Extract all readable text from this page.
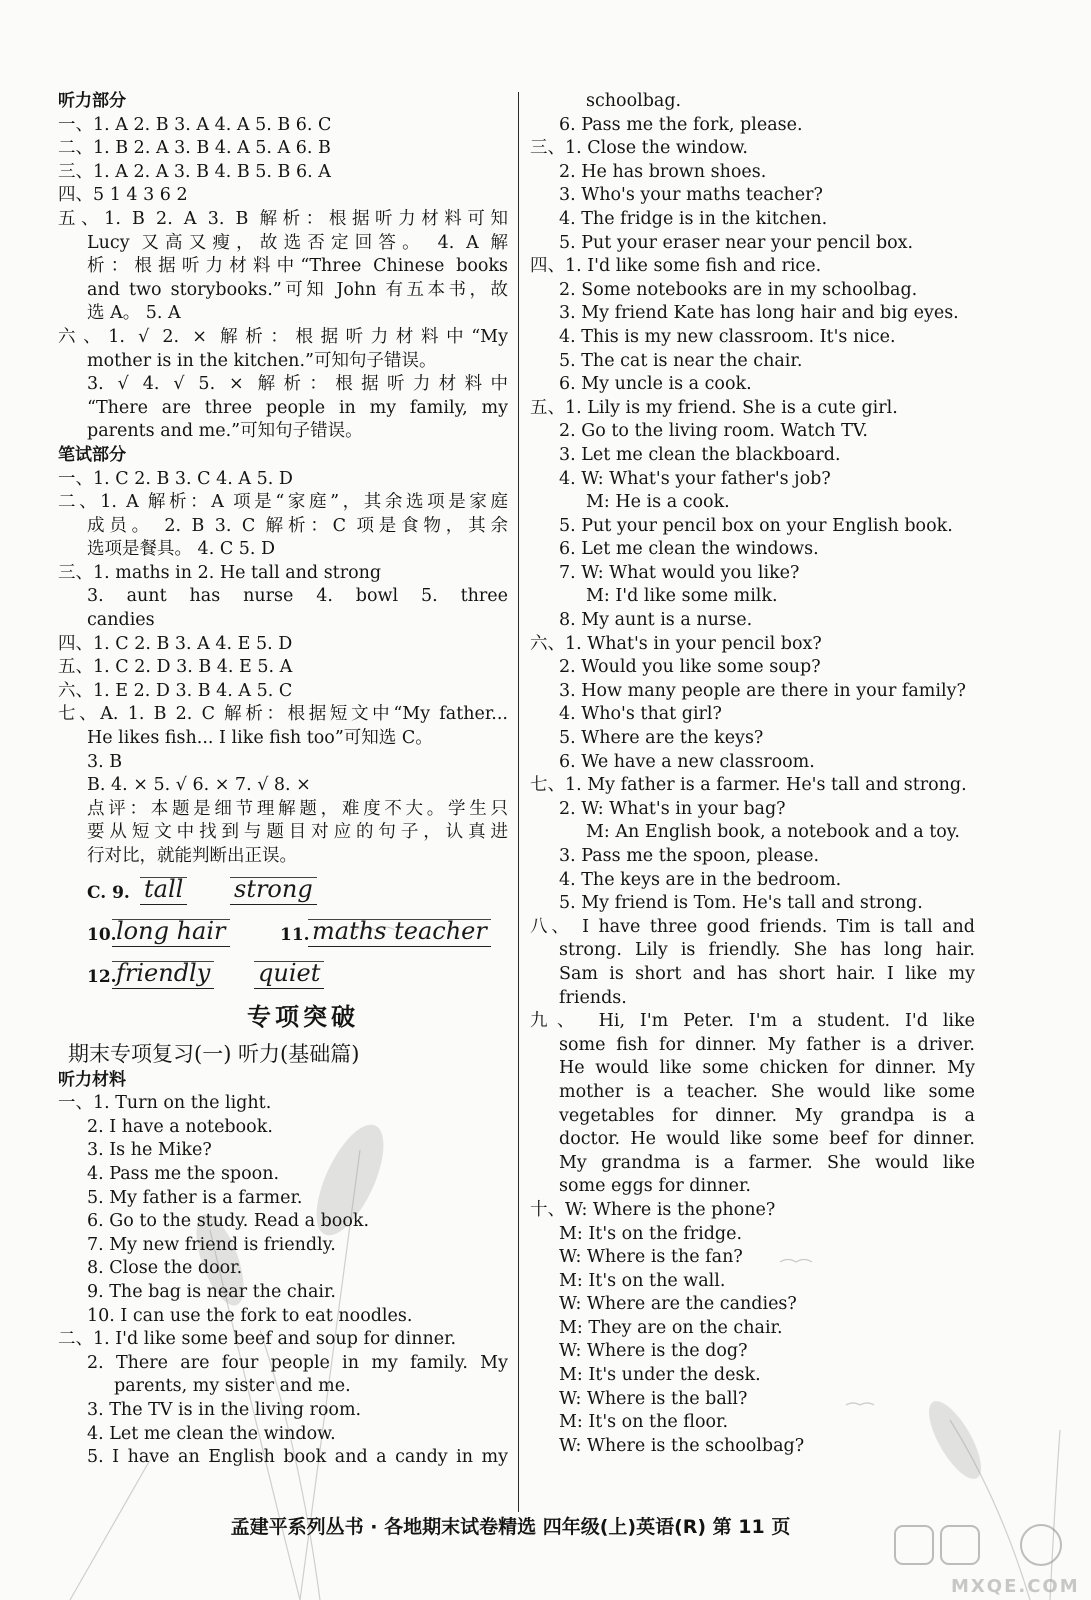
听力部分
一、1. A 2. B 3. A 4. A 5. B 6. C
二、1. B 2. A 3. B 4. A 5. A 6. B
三、1. A 2. A 3. B 4. B 5. B 6. A
四、5 1 4 3 6 2
五、1. B 2. A 3. B 解析：根据听力材料可知
Lucy 又高又瘦，故选否定回答。 4. A 解
析：根据听力材料中“Three Chinese books
and two storybooks.”可知 John 有五本书，故
选 A。 5. A
六、1. √ 2. × 解析：根据听力材料中“My
mother is in the kitchen.”可知句子错误。
3. √ 4. √ 5. × 解析：根据听力材料中
“There are three people in my family, my
parents and me.”可知句子错误。
笔试部分
一、1. C 2. B 3. C 4. A 5. D
二、1. A 解析：A 项是“家庭”，其余选项是家庭
成员。 2. B 3. C 解析：C 项是食物，其余
选项是餐具。 4. C 5. D
三、1. maths in 2. He tall and strong
3. aunt has nurse 4. bowl 5. three
candies
四、1. C 2. B 3. A 4. E 5. D
五、1. C 2. D 3. B 4. E 5. A
六、1. E 2. D 3. B 4. A 5. C
七、A. 1. B 2. C 解析：根据短文中“My father...
He likes fish... I like fish too”可知选 C。
3. B
B. 4. × 5. √ 6. × 7. √ 8. ×
点评：本题是细节理解题，难度不大。学生只
要从短文中找到与题目对应的句子，认真进
行对比，就能判断出正误。
C. 9. tall strong
10. long hair	11. maths teacher
12. friendly quiet
专项突破
期末专项复习(一) 听力(基础篇)
听力材料
一、1. Turn on the light.
2. I have a notebook.
3. Is he Mike?
4. Pass me the spoon.
5. My father is a farmer.
6. Go to the study. Read a book.
7. My new friend is friendly.
8. Close the door.
9. The bag is near the chair.
10. I can use the fork to eat noodles.
二、1. I'd like some beef and soup for dinner.
2. There are four people in my family. My
parents, my sister and me.
3. The TV is in the living room.
4. Let me clean the window.
5. I have an English book and a candy in my
schoolbag.
6. Pass me the fork, please.
三、1. Close the window.
2. He has brown shoes.
3. Who's your maths teacher?
4. The fridge is in the kitchen.
5. Put your eraser near your pencil box.
四、1. I'd like some fish and rice.
2. Some notebooks are in my schoolbag.
3. My friend Kate has long hair and big eyes.
4. This is my new classroom. It's nice.
5. The cat is near the chair.
6. My uncle is a cook.
五、1. Lily is my friend. She is a cute girl.
2. Go to the living room. Watch TV.
3. Let me clean the blackboard.
4. W: What's your father's job?
M: He is a cook.
5. Put your pencil box on your English book.
6. Let me clean the windows.
7. W: What would you like?
M: I'd like some milk.
8. My aunt is a nurse.
六、1. What's in your pencil box?
2. Would you like some soup?
3. How many people are there in your family?
4. Who's that girl?
5. Where are the keys?
6. We have a new classroom.
七、1. My father is a farmer. He's tall and strong.
2. W: What's in your bag?
M: An English book, a notebook and a toy.
3. Pass me the spoon, please.
4. The keys are in the bedroom.
5. My friend is Tom. He's tall and strong.
八、 I have three good friends. Tim is tall and
strong. Lily is friendly. She has long hair.
Sam is short and has short hair. I like my
friends.
九、 Hi, I'm Peter. I'm a student. I'd like
some fish for dinner. My father is a driver.
He would like some chicken for dinner. My
mother is a teacher. She would like some
vegetables for dinner. My grandpa is a
doctor. He would like some beef for dinner.
My grandma is a farmer. She would like
some eggs for dinner.
十、W: Where is the phone?
M: It's on the fridge.
W: Where is the fan?
M: It's on the wall.
W: Where are the candies?
M: They are on the chair.
W: Where is the dog?
M: It's under the desk.
W: Where is the ball?
M: It's on the floor.
W: Where is the schoolbag?
孟建平系列丛书 · 各地期末试卷精选 四年级(上)英语(R) 第 11 页
MXQE.COM
